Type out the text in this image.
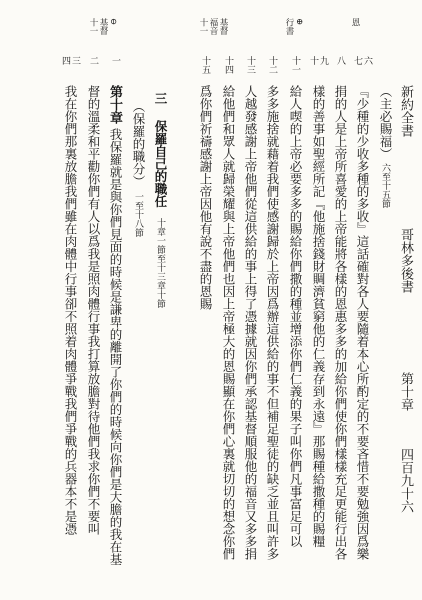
新約全書
哥林多後書
第十章
四百九十六
恩
⊕
行書
基督
福音
十一
⊖
基督
十一
六
七
八
九
十
十一
十二
十三
十四
十五
一
二
三
四
（主必賜福）
六至十五節
『少種的少收多種的多收』這話確對各人要隨着本心所酌定的不要吝惜不要勉強因爲樂
捐的人是上帝所喜愛的上帝能將各樣的恩惠多多的加給你們使你們樣樣充足更能行出各
樣的善事如聖經所記『他施捨錢財賙濟貧窮他的仁義存到永遠』那賜種給撒種的賜糧
給人喫的上帝必要多多的賜給你們撒的種並增添你們仁義的果子叫你們凡事富足可以
多多施捨就藉着我們使感謝歸於上帝因爲辦這供給的事不但補足聖徒的缺乏並且叫許多
人越發感謝上帝他們從這供給的事上得了憑據就因你們承認基督順服他的福音又多多捐
給他們和眾人就歸榮耀與上帝他們也因上帝極大的恩賜顯在你們心裏就切切的想念你們
爲你們祈禱感謝上帝因他有說不盡的恩賜
三
保羅自己的職任
十章一節至十三章十節
（保羅的職分）
一至十八節
第十章
我保羅就是與你們見面的時候是謙卑的離開了你們的時候向你們是大膽的我在基
督的溫柔和平勸你們有人以爲我是照肉體行事我打算放膽對待他們我求你們不要叫
我在你們那裏放膽我們雖在肉體中行事卻不照着肉體爭戰我們爭戰的兵器本不是憑
